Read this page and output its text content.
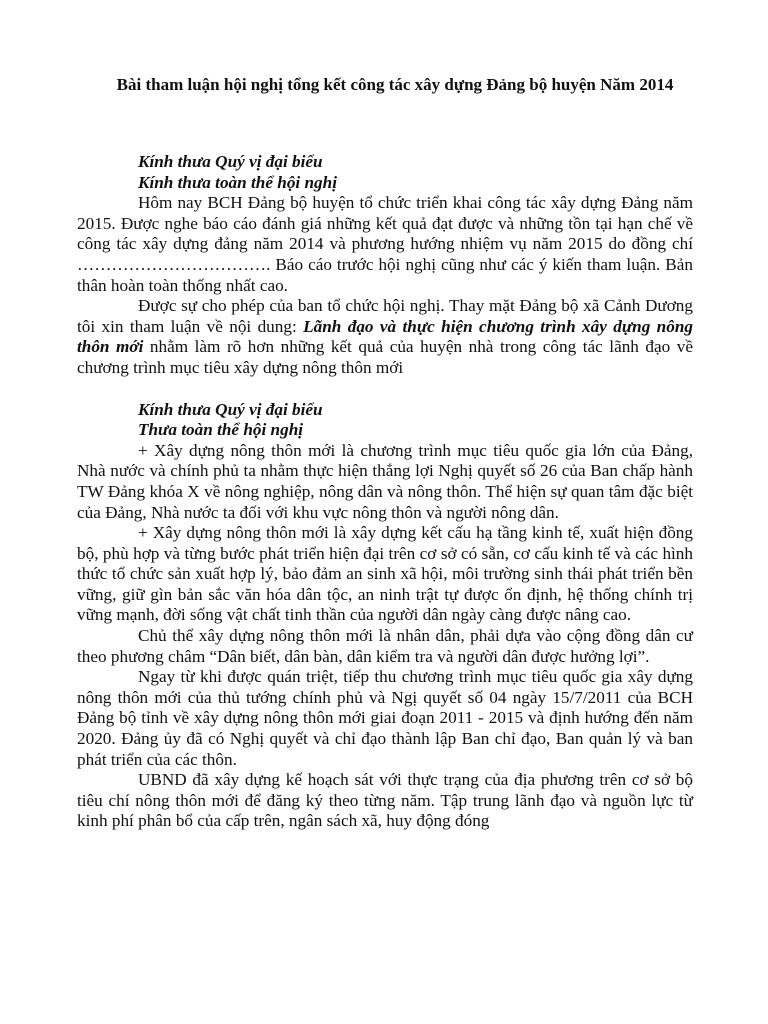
Bài tham luận hội nghị tổng kết công tác xây dựng Đảng bộ huyện Năm 2014
Kính thưa Quý vị đại biểu
Kính thưa toàn thể hội nghị
Hôm nay BCH Đảng bộ huyện tổ chức triển khai công tác xây dựng Đảng năm 2015. Được nghe báo cáo đánh giá những kết quả đạt được và những tồn tại hạn chế về công tác xây dựng đảng năm 2014 và phương hướng nhiệm vụ năm 2015 do đồng chí ……………………………. Báo cáo trước hội nghị cũng như các ý kiến tham luận. Bản thân hoàn toàn thống nhất cao.
Được sự cho phép của ban tổ chức hội nghị. Thay mặt Đảng bộ xã Cảnh Dương tôi xin tham luận về nội dung: Lãnh đạo và thực hiện chương trình xây dựng nông thôn mới nhằm làm rõ hơn những kết quả của huyện nhà trong công tác lãnh đạo về chương trình mục tiêu xây dựng nông thôn mới
Kính thưa Quý vị đại biểu
Thưa toàn thể hội nghị
+ Xây dựng nông thôn mới là chương trình mục tiêu quốc gia lớn của Đảng, Nhà nước và chính phủ ta nhằm thực hiện thắng lợi Nghị quyết số 26 của Ban chấp hành TW Đảng khóa X về nông nghiệp, nông dân và nông thôn. Thể hiện sự quan tâm đặc biệt của Đảng, Nhà nước ta đối với khu vực nông thôn và người nông dân.
+ Xây dựng nông thôn mới là xây dựng kết cấu hạ tầng kinh tế, xuất hiện đồng bộ, phù hợp và từng bước phát triển hiện đại trên cơ sở có sẵn, cơ cấu kinh tế và các hình thức tổ chức sản xuất hợp lý, bảo đảm an sinh xã hội, môi trường sinh thái phát triển bền vững, giữ gìn bản sắc văn hóa dân tộc, an ninh trật tự được ổn định, hệ thống chính trị vững mạnh, đời sống vật chất tinh thần của người dân ngày càng được nâng cao.
Chủ thể xây dựng nông thôn mới là nhân dân, phải dựa vào cộng đồng dân cư theo phương châm “Dân biết, dân bàn, dân kiểm tra và người dân được hưởng lợi”.
Ngay từ khi được quán triệt, tiếp thu chương trình mục tiêu quốc gia xây dựng nông thôn mới của thủ tướng chính phủ và Ngị quyết số 04 ngày 15/7/2011 của BCH Đảng bộ tỉnh về xây dựng nông thôn mới giai đoạn 2011 - 2015 và định hướng đến năm 2020. Đảng ủy đã có Nghị quyết và chỉ đạo thành lập Ban chỉ đạo, Ban quản lý và ban phát triển của các thôn.
UBND đã xây dựng kế hoạch sát với thực trạng của địa phương trên cơ sở bộ tiêu chí nông thôn mới để đăng ký theo từng năm. Tập trung lãnh đạo và nguồn lực từ kinh phí phân bổ của cấp trên, ngân sách xã, huy động đóng
